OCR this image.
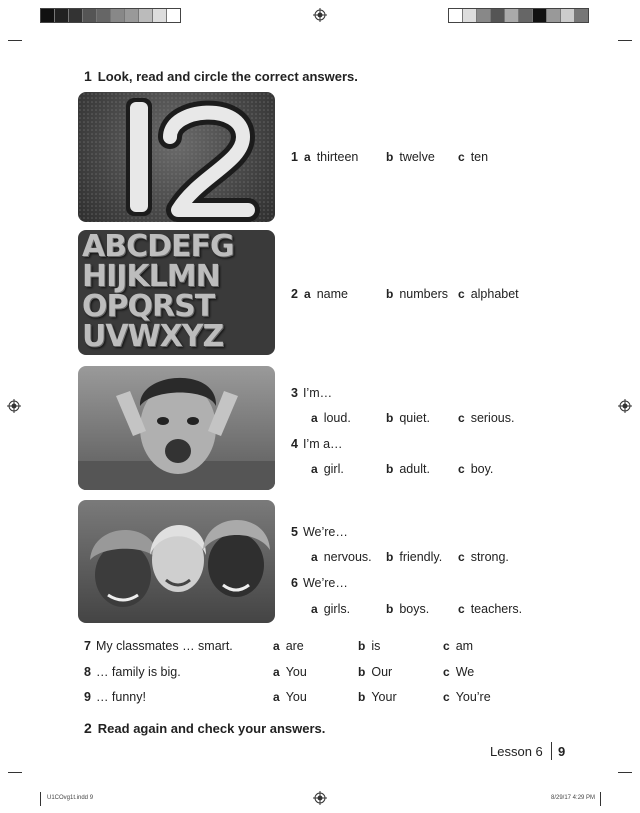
1 Look, read and circle the correct answers.
ABCDEFG
HIJKLMN
OPQRST
UVWXYZ
1 a thirteen b twelve c ten
2 a name	b numbers c alphabet
3 I’m…
a loud.	b quiet. c serious.
4 I’m a…
a girl.	b adult. c boy.
5 We’re…
a nervous. b friendly. c strong.
6 We’re…
a girls.	b boys. c teachers.
7 My classmates … smart.	a are	b is	c am
8 … family is big.	a You	b Our	c We
9 … funny!	a You	b Your	c You’re
2 Read again and check your answers.
Lesson 6 9
U1COvg1t.indd 9	8/29/17 4:29 PM
